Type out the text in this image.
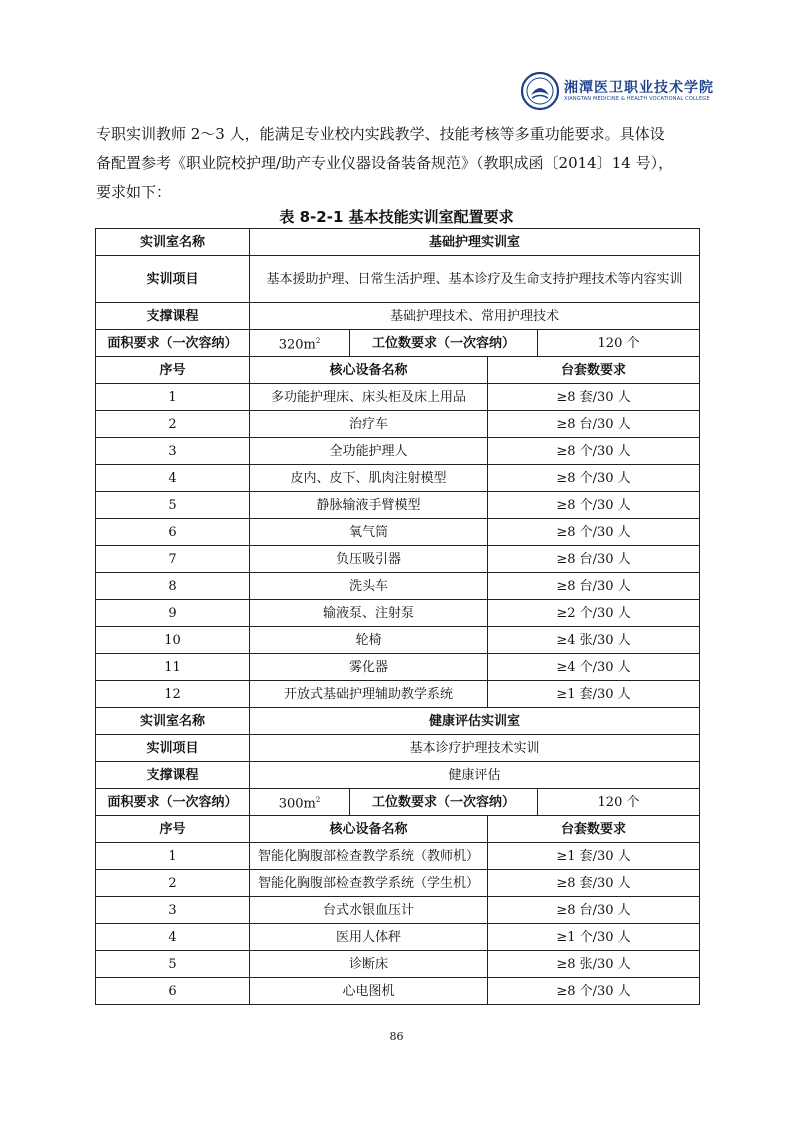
湘潭医卫职业技术学院
XIANGTAN MEDICINE & HEALTH VOCATIONAL COLLEGE
专职实训教师 2～3 人，能满足专业校内实践教学、技能考核等多重功能要求。具体设
备配置参考《职业院校护理/助产专业仪器设备装备规范》（教职成函〔2014〕14 号），
要求如下：
表 8-2-1 基本技能实训室配置要求
实训室名称	基础护理实训室			
实训项目	基本援助护理、日常生活护理、基本诊疗及生命支持护理技术等内容实训			
支撑课程	基础护理技术、常用护理技术			
面积要求（一次容纳）	$320m^2$	工位数要求（一次容纳）		120 个
序号	核心设备名称		台套数要求	
1	多功能护理床、床头柜及床上用品		≥8 套/30 人	
2	治疗车		≥8 台/30 人	
3	全功能护理人		≥8 个/30 人	
4	皮内、皮下、肌肉注射模型		≥8 个/30 人	
5	静脉输液手臂模型		≥8 个/30 人	
6	氧气筒		≥8 个/30 人	
7	负压吸引器		≥8 台/30 人	
8	洗头车		≥8 台/30 人	
9	输液泵、注射泵		≥2 个/30 人	
10	轮椅		≥4 张/30 人	
11	雾化器		≥4 个/30 人	
12	开放式基础护理辅助教学系统		≥1 套/30 人	
实训室名称	健康评估实训室			
实训项目	基本诊疗护理技术实训			
支撑课程	健康评估			
面积要求（一次容纳）	$300m^2$	工位数要求（一次容纳）		120 个
序号	核心设备名称		台套数要求	
1	智能化胸腹部检查教学系统（教师机）		≥1 套/30 人	
2	智能化胸腹部检查教学系统（学生机）		≥8 套/30 人	
3	台式水银血压计		≥8 台/30 人	
4	医用人体秤		≥1 个/30 人	
5	诊断床		≥8 张/30 人	
6	心电图机		≥8 个/30 人	
86
